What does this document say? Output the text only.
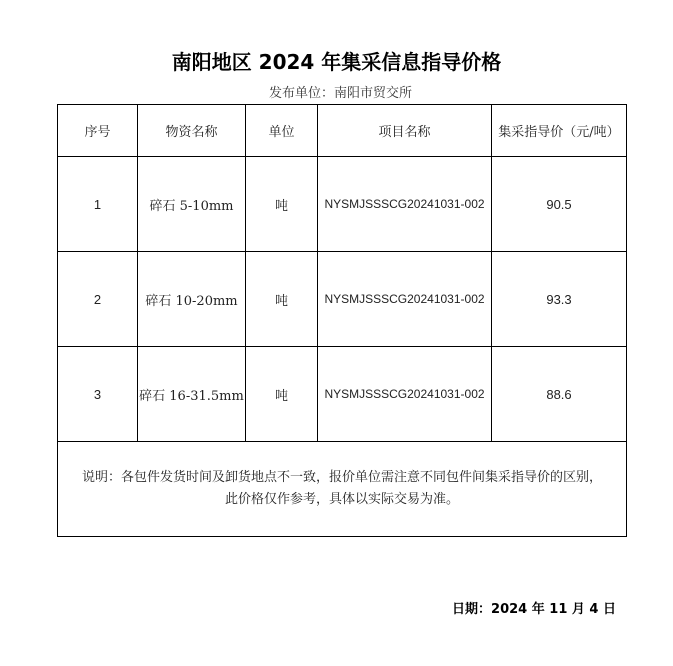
南阳地区 2024 年集采信息指导价格
发布单位：南阳市贸交所
序号	物资名称	单位	项目名称	集采指导价（元/吨）
1	碎石 5-10mm	吨	NYSMJSSSCG20241031-002	90.5
2	碎石 10-20mm	吨	NYSMJSSSCG20241031-002	93.3
3	碎石 16-31.5mm	吨	NYSMJSSSCG20241031-002	88.6

说明：各包件发货时间及卸货地点不一致，报价单位需注意不同包件间集采指导价的区别，
此价格仅作参考，具体以实际交易为准。				
日期：2024 年 11 月 4 日
